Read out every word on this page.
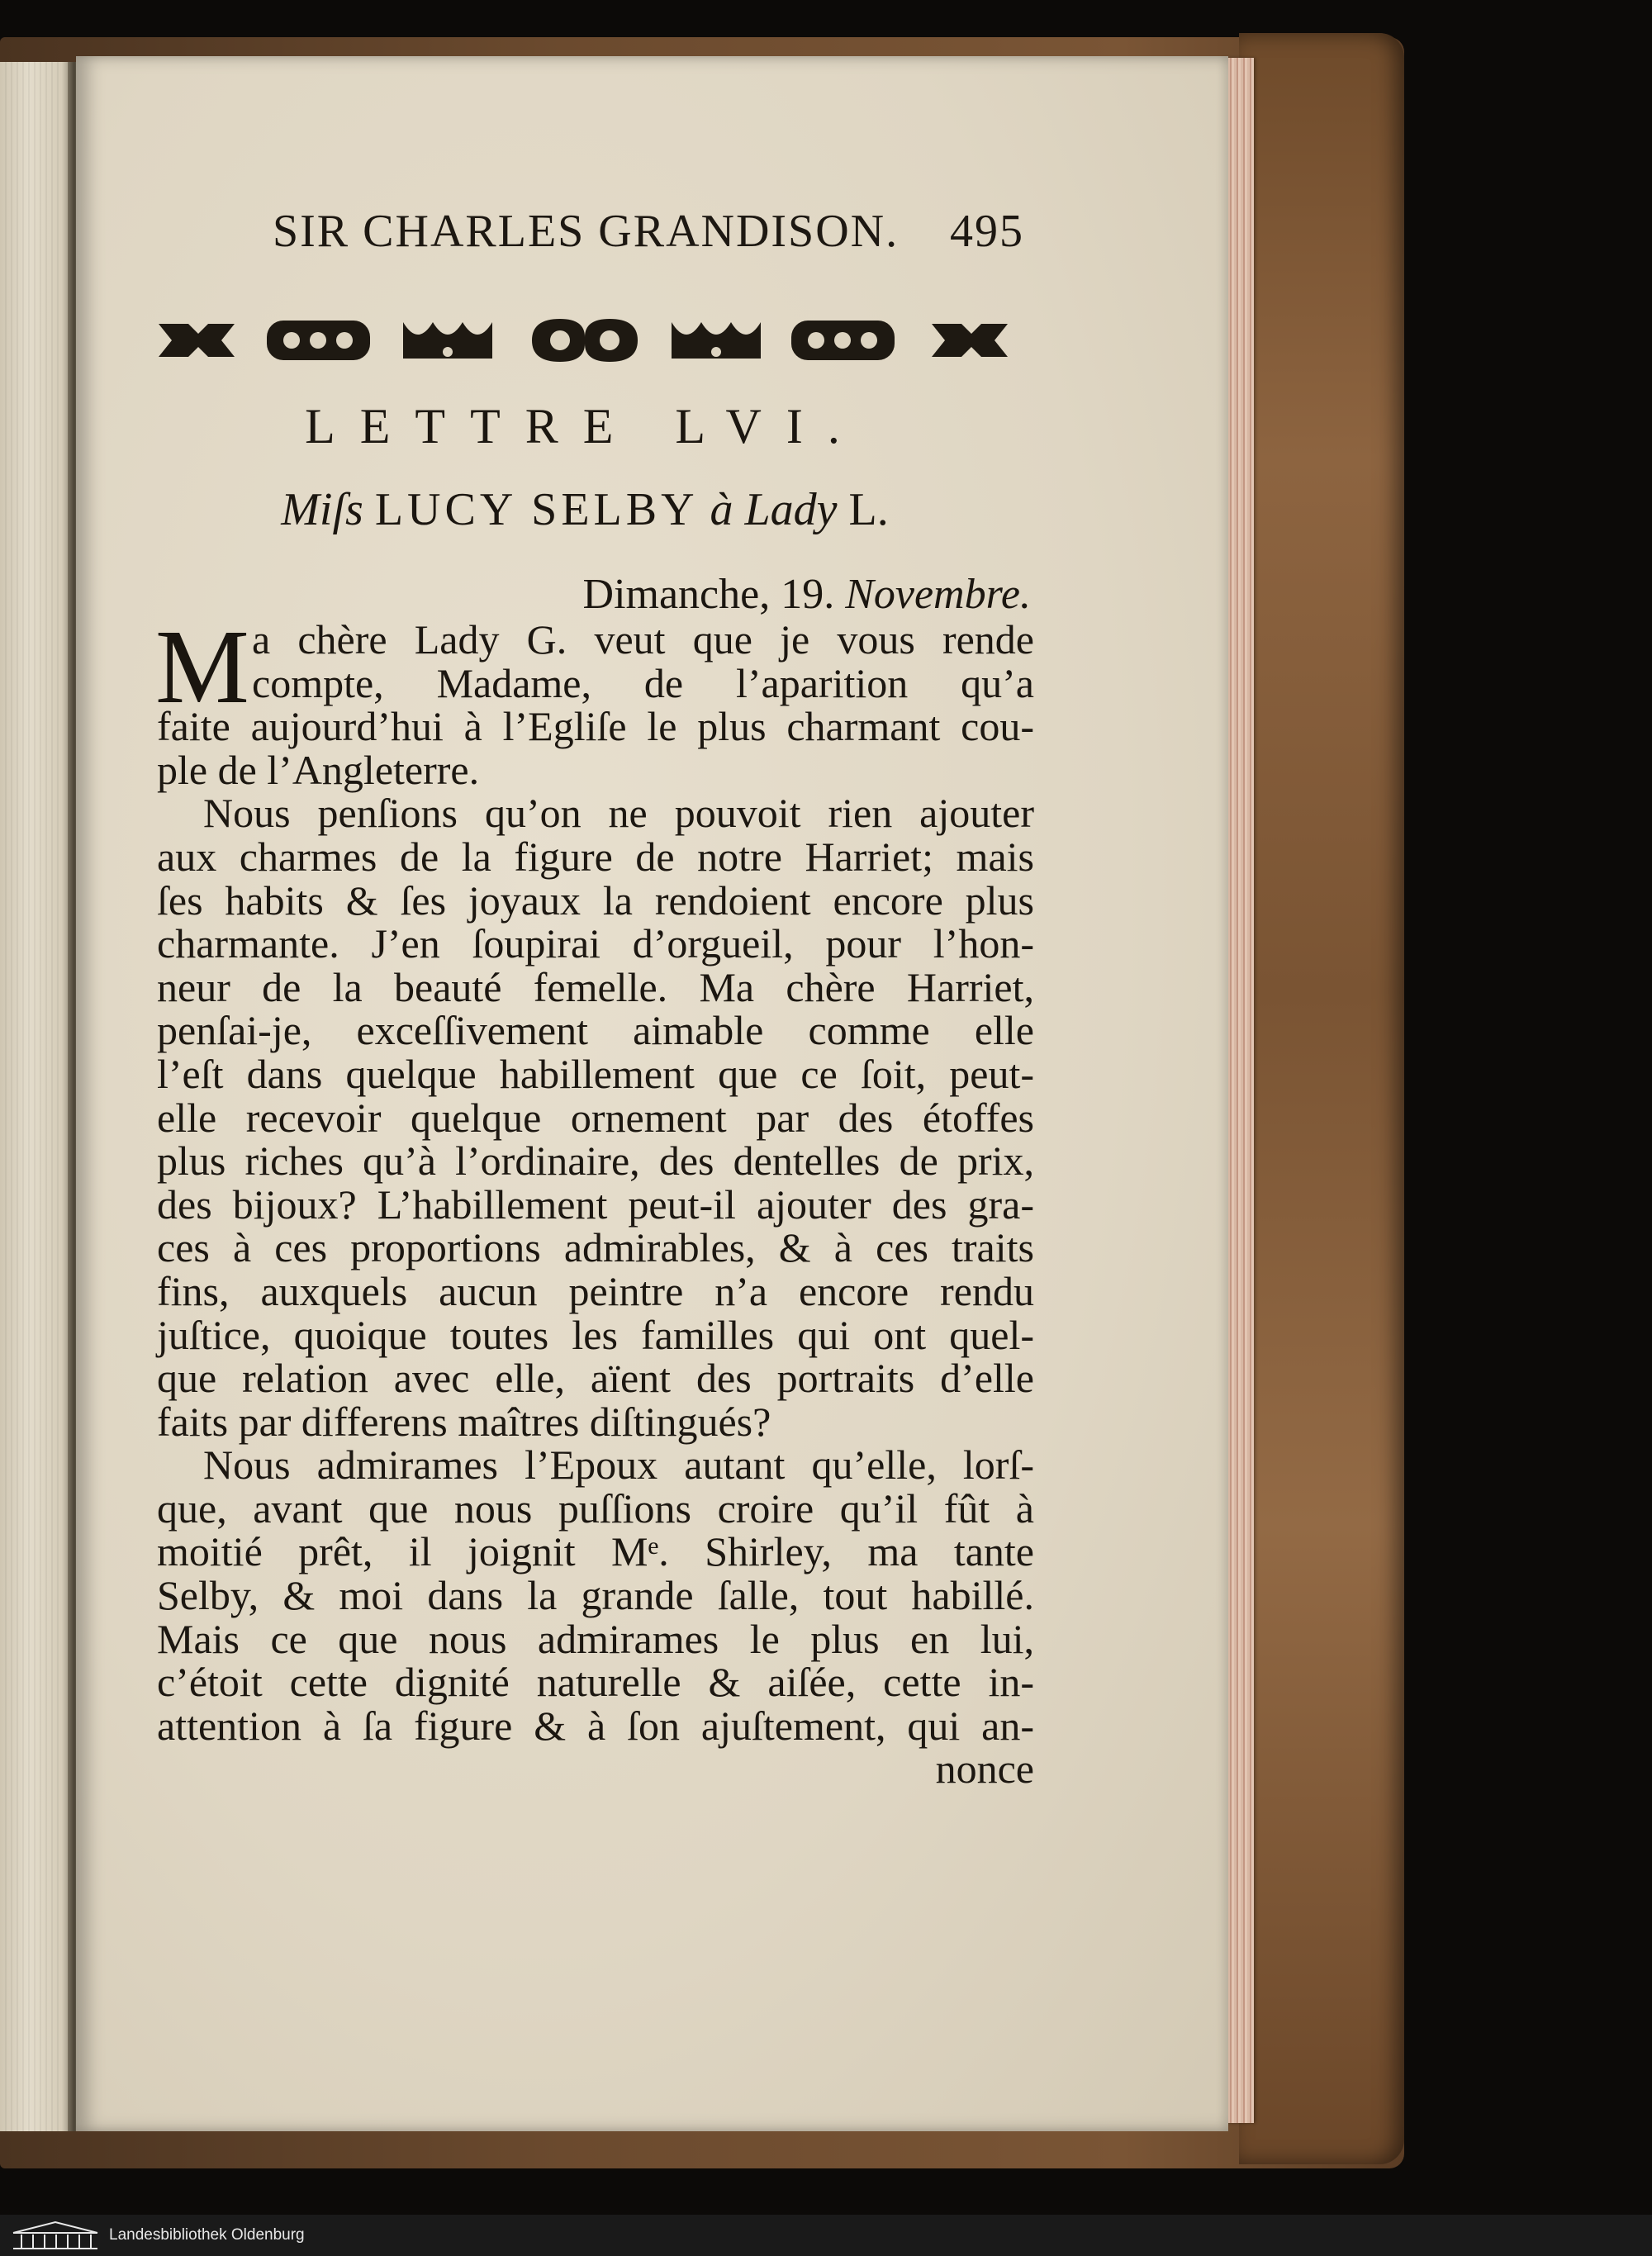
SIR CHARLES GRANDISON. 495
LETTRE LVI.
Miſs LUCY SELBY à Lady L.
Dimanche, 19. Novembre.
M a chère Lady G. veut que je vous rende
compte, Madame, de l’aparition qu’a
faite aujourd’hui à l’Egliſe le plus charmant cou-
ple de l’Angleterre.
Nous penſions qu’on ne pouvoit rien ajouter
aux charmes de la figure de notre Harriet; mais
ſes habits & ſes joyaux la rendoient encore plus
charmante. J’en ſoupirai d’orgueil, pour l’hon-
neur de la beauté femelle. Ma chère Harriet,
penſai-je, exceſſivement aimable comme elle
l’eſt dans quelque habillement que ce ſoit, peut-
elle recevoir quelque ornement par des étoffes
plus riches qu’à l’ordinaire, des dentelles de prix,
des bijoux? L’habillement peut-il ajouter des gra-
ces à ces proportions admirables, & à ces traits
fins, auxquels aucun peintre n’a encore rendu
juſtice, quoique toutes les familles qui ont quel-
que relation avec elle, aïent des portraits d’elle
faits par differens maîtres diſtingués?
Nous admirames l’Epoux autant qu’elle, lorſ-
que, avant que nous puſſions croire qu’il fût à
moitié prêt, il joignit Mᵉ. Shirley, ma tante
Selby, & moi dans la grande ſalle, tout habillé.
Mais ce que nous admirames le plus en lui,
c’étoit cette dignité naturelle & aiſée, cette in-
attention à ſa figure & à ſon ajuſtement, qui an-
nonce
Landesbibliothek Oldenburg
